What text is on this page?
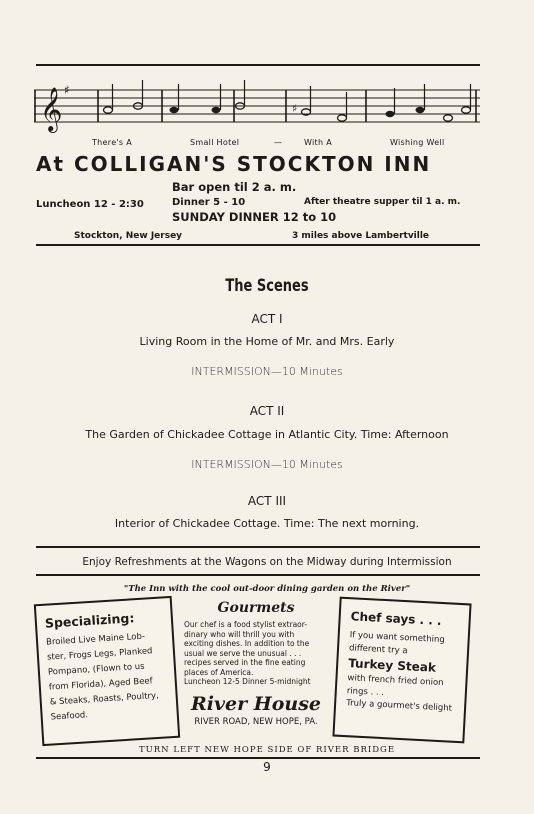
𝄞 ♯
♯
There's A	Small Hotel	—	With A	Wishing Well
At COLLIGAN'S STOCKTON INN
Bar open til 2 a. m.
Luncheon 12 - 2:30	Dinner 5 - 10	After theatre supper til 1 a. m.
SUNDAY DINNER 12 to 10
Stockton, New Jersey	3 miles above Lambertville
The Scenes
ACT I
Living Room in the Home of Mr. and Mrs. Early
INTERMISSION—10 Minutes
ACT II
The Garden of Chickadee Cottage in Atlantic City. Time: Afternoon
INTERMISSION—10 Minutes
ACT III
Interior of Chickadee Cottage. Time: The next morning.
Enjoy Refreshments at the Wagons on the Midway during Intermission
"The Inn with the cool out-door dining garden on the River"
Specializing:
Broiled Live Maine Lob-
ster, Frogs Legs, Planked
Pompano, (Flown to us
from Florida), Aged Beef
& Steaks, Roasts, Poultry,
Seafood.
Gourmets
Our chef is a food stylist extraor-
dinary who will thrill you with
exciting dishes. In addition to the
usual we serve the unusual . . .
recipes served in the fine eating
places of America.
Luncheon 12-5 Dinner 5-midnight
River House
RIVER ROAD, NEW HOPE, PA.
Chef says . . .
If you want something
different try a
Turkey Steak
with french fried onion
rings . . .
Truly a gourmet's delight
TURN LEFT NEW HOPE SIDE OF RIVER BRIDGE
9
